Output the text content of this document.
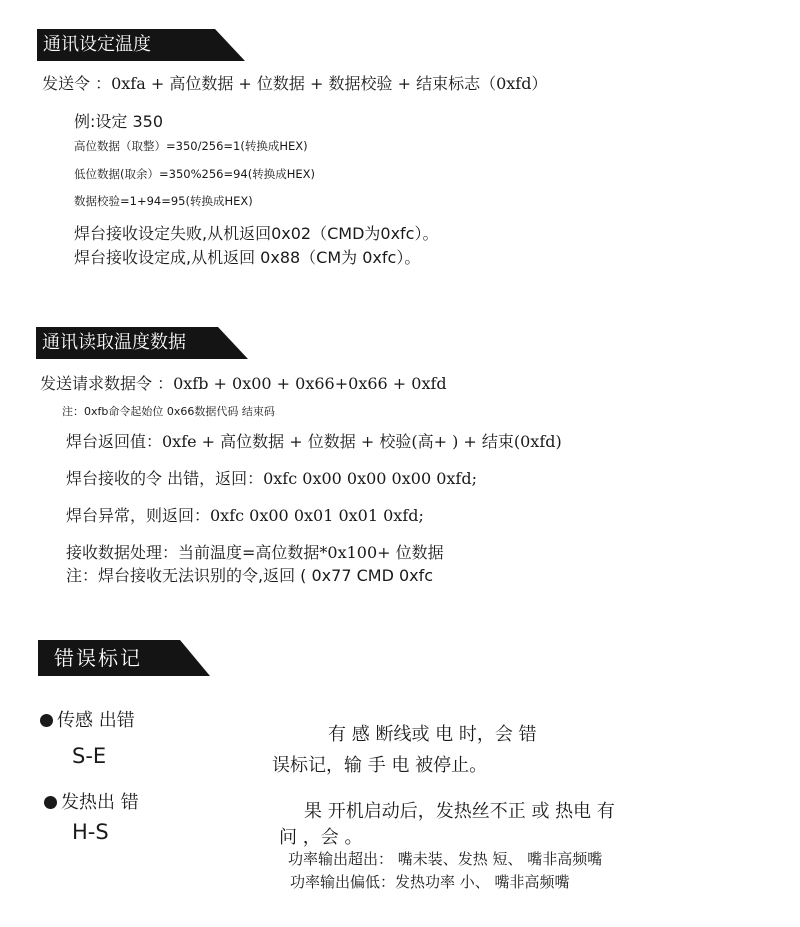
通讯设定温度
发送令 ：0xfa + 高位数据 + 位数据 + 数据校验 + 结束标志（0xfd）
例:设定 350
高位数据（取整）=350/256=1(转换成HEX)
低位数据(取余）=350%256=94(转换成HEX)
数据校验=1+94=95(转换成HEX)
焊台接收设定失败,从机返回0x02（CMD为0xfc）。
焊台接收设定成,从机返回 0x88（CM为 0xfc）。
通讯读取温度数据
发送请求数据令 ：0xfb + 0x00 + 0x66+0x66 + 0xfd
注：0xfb命令起始位 0x66数据代码 结束码
焊台返回值：0xfe + 高位数据 + 位数据 + 校验(高+ ) + 结束(0xfd)
焊台接收的令 出错，返回：0xfc 0x00 0x00 0x00 0xfd;
焊台异常，则返回：0xfc 0x00 0x01 0x01 0xfd;
接收数据处理：当前温度=高位数据*0x100+ 位数据
注：焊台接收无法识别的令,返回 ( 0x77 CMD 0xfc
错误标记
传感 出错
S-E
有 感 断线或 电 时，会 错
误标记，输 手 电 被停止。
发热出 错
H-S
果 开机启动后，发热丝不正 或 热电 有
问 ，会 。
功率输出超出： 嘴未装、发热 短、 嘴非高频嘴
功率输出偏低：发热功率 小、 嘴非高频嘴
